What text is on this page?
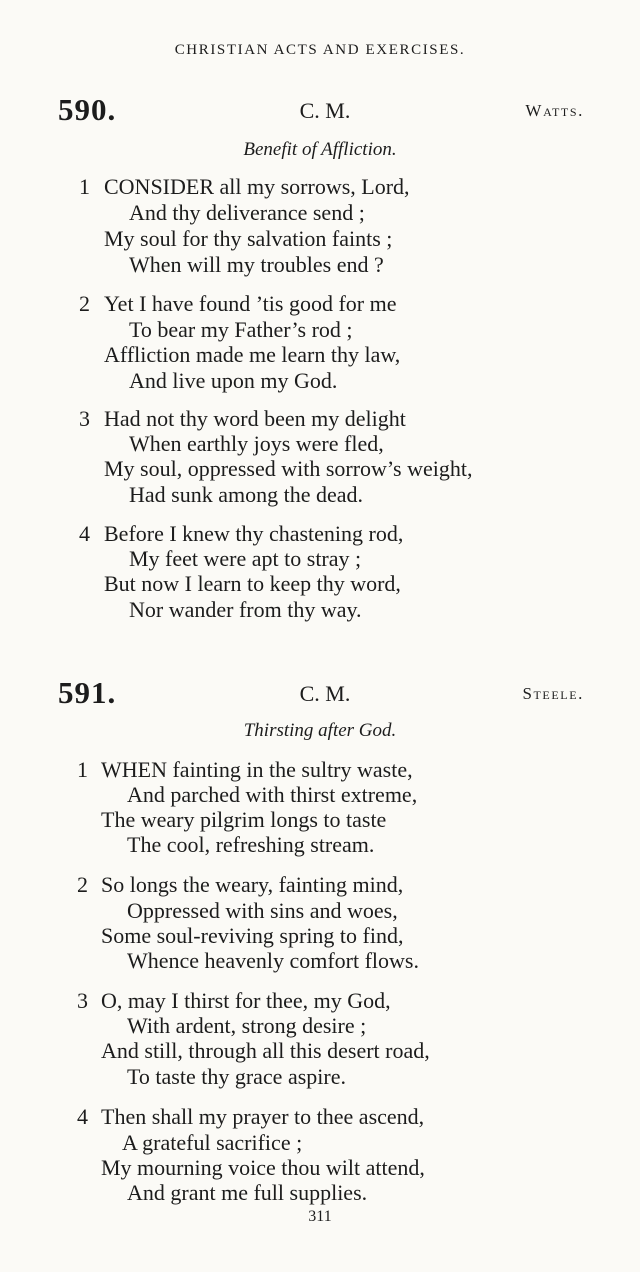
CHRISTIAN ACTS AND EXERCISES.
590.	C. M.	Watts.
Benefit of Affliction.
1 CONSIDER all my sorrows, Lord,
And thy deliverance send ;
My soul for thy salvation faints ;
When will my troubles end ?
2 Yet I have found ’tis good for me
To bear my Father’s rod ;
Affliction made me learn thy law,
And live upon my God.
3 Had not thy word been my delight
When earthly joys were fled,
My soul, oppressed with sorrow’s weight,
Had sunk among the dead.
4 Before I knew thy chastening rod,
My feet were apt to stray ;
But now I learn to keep thy word,
Nor wander from thy way.
591.	C. M.	Steele.
Thirsting after God.
1 WHEN fainting in the sultry waste,
And parched with thirst extreme,
The weary pilgrim longs to taste
The cool, refreshing stream.
2 So longs the weary, fainting mind,
Oppressed with sins and woes,
Some soul-reviving spring to find,
Whence heavenly comfort flows.
3 O, may I thirst for thee, my God,
With ardent, strong desire ;
And still, through all this desert road,
To taste thy grace aspire.
4 Then shall my prayer to thee ascend,
A grateful sacrifice ;
My mourning voice thou wilt attend,
And grant me full supplies.
311
